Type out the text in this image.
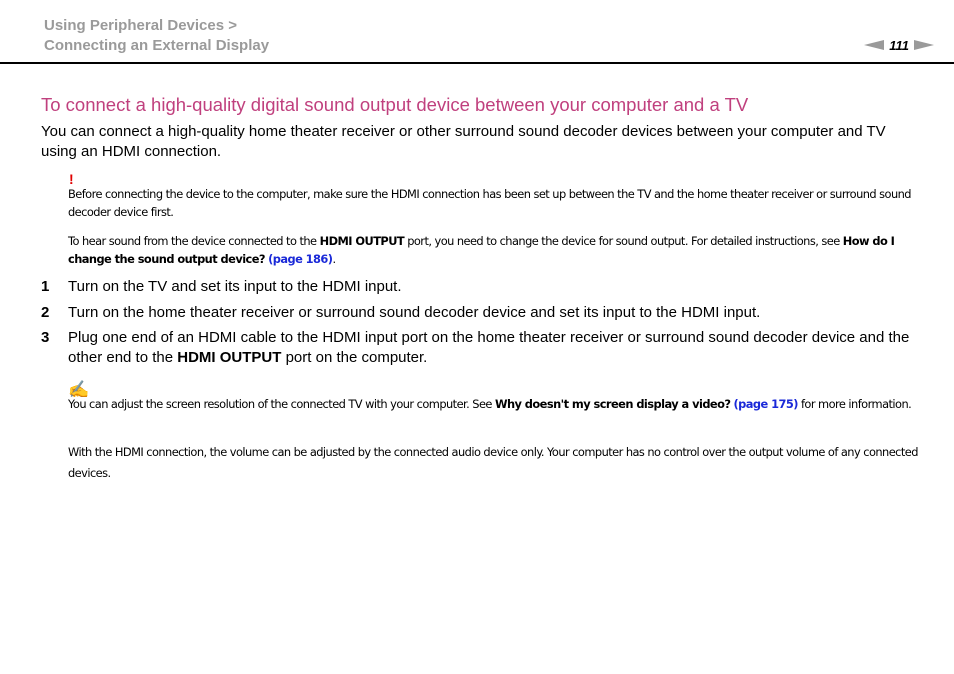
Using Peripheral Devices >
Connecting an External Display	111
To connect a high-quality digital sound output device between your computer and a TV
You can connect a high-quality home theater receiver or other surround sound decoder devices between your computer and TV using an HDMI connection.
!
Before connecting the device to the computer, make sure the HDMI connection has been set up between the TV and the home theater receiver or surround sound decoder device first.
To hear sound from the device connected to the HDMI OUTPUT port, you need to change the device for sound output. For detailed instructions, see How do I change the sound output device? (page 186).
1 Turn on the TV and set its input to the HDMI input.
2 Turn on the home theater receiver or surround sound decoder device and set its input to the HDMI input.
3 Plug one end of an HDMI cable to the HDMI input port on the home theater receiver or surround sound decoder device and the other end to the HDMI OUTPUT port on the computer.
✍
You can adjust the screen resolution of the connected TV with your computer. See Why doesn't my screen display a video? (page 175) for more information.
With the HDMI connection, the volume can be adjusted by the connected audio device only. Your computer has no control over the output volume of any connected devices.
